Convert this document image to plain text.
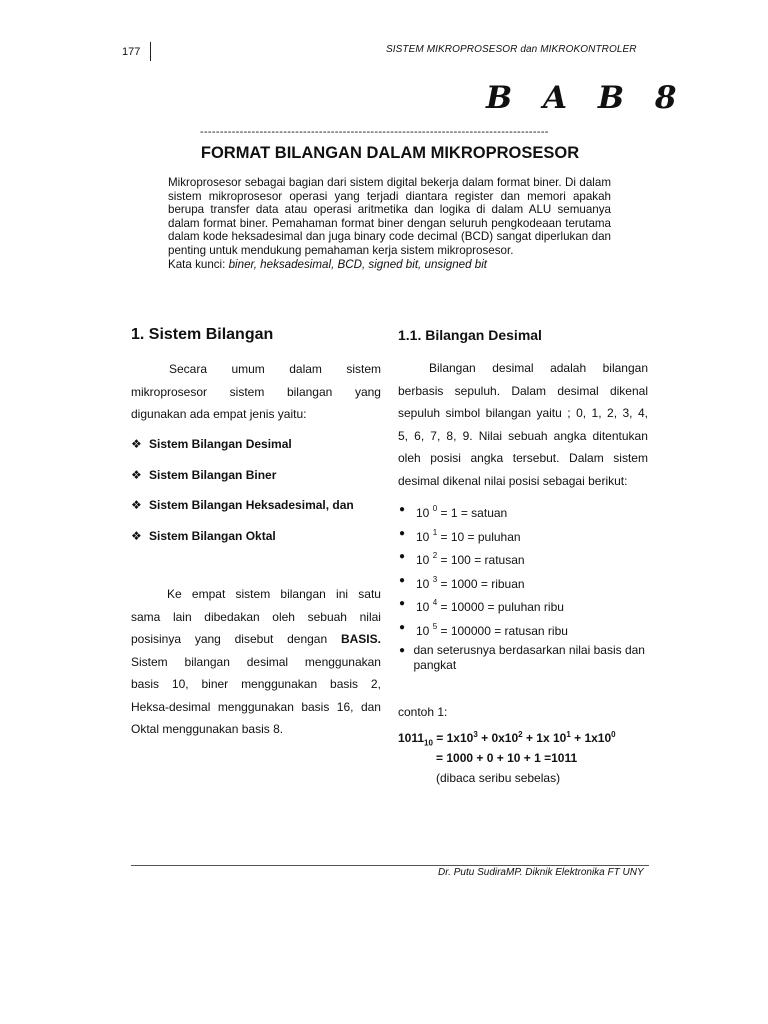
177	SISTEM MIKROPROSESOR dan MIKROKONTROLER
B A B 8
----------------------------------------------------------------------------------------
FORMAT BILANGAN DALAM MIKROPROSESOR

Mikroprosesor sebagai bagian dari sistem digital bekerja dalam format biner. Di dalam sistem mikroprosesor operasi yang terjadi diantara register dan memori apakah berupa transfer data atau operasi aritmetika dan logika di dalam ALU semuanya dalam format biner. Pemahaman format biner dengan seluruh pengkodeaan terutama dalam kode heksadesimal dan juga binary code decimal (BCD) sangat diperlukan dan penting untuk mendukung pemahaman kerja sistem mikroprosesor.

Kata kunci: biner, heksadesimal, BCD, signed bit, unsigned bit

1. Sistem Bilangan	1.1. Bilangan Desimal
Secara umum dalam sistem
mikroprosesor sistem bilangan yang
digunakan ada empat jenis yaitu:
❖ Sistem Bilangan Desimal
❖ Sistem Bilangan Biner
❖ Sistem Bilangan Heksadesimal, dan
❖ Sistem Bilangan Oktal
Ke empat sistem bilangan ini satu
sama lain dibedakan oleh sebuah nilai
posisinya yang disebut dengan BASIS.
Sistem bilangan desimal menggunakan
basis 10, biner menggunakan basis 2,
Heksa-desimal menggunakan basis 16, dan
Oktal menggunakan basis 8.
Bilangan desimal adalah bilangan
berbasis sepuluh. Dalam desimal dikenal
sepuluh simbol bilangan yaitu ; 0, 1, 2, 3, 4,
5, 6, 7, 8, 9. Nilai sebuah angka ditentukan
oleh posisi angka tersebut. Dalam sistem
desimal dikenal nilai posisi sebagai berikut:
● 10 $^0$ = 1 = satuan
● 10 $^1$ = 10 = puluhan
● 10 $^2$ = 100 = ratusan
● 10 $^3$ = 1000 = ribuan
● 10 $^4$ = 10000 = puluhan ribu
● 10 $^5$ = 100000 = ratusan ribu
● dan seterusnya berdasarkan nilai basis dan pangkat
contoh 1:
$1011_{10} = 1x10^3 + 0x10^2 + 1x$ $10^1 + 1x10^0$
= 1000 + 0 + 10 + 1 =1011
(dibaca seribu sebelas)
Dr. Putu SudiraMP. Diknik Elektronika FT UNY
